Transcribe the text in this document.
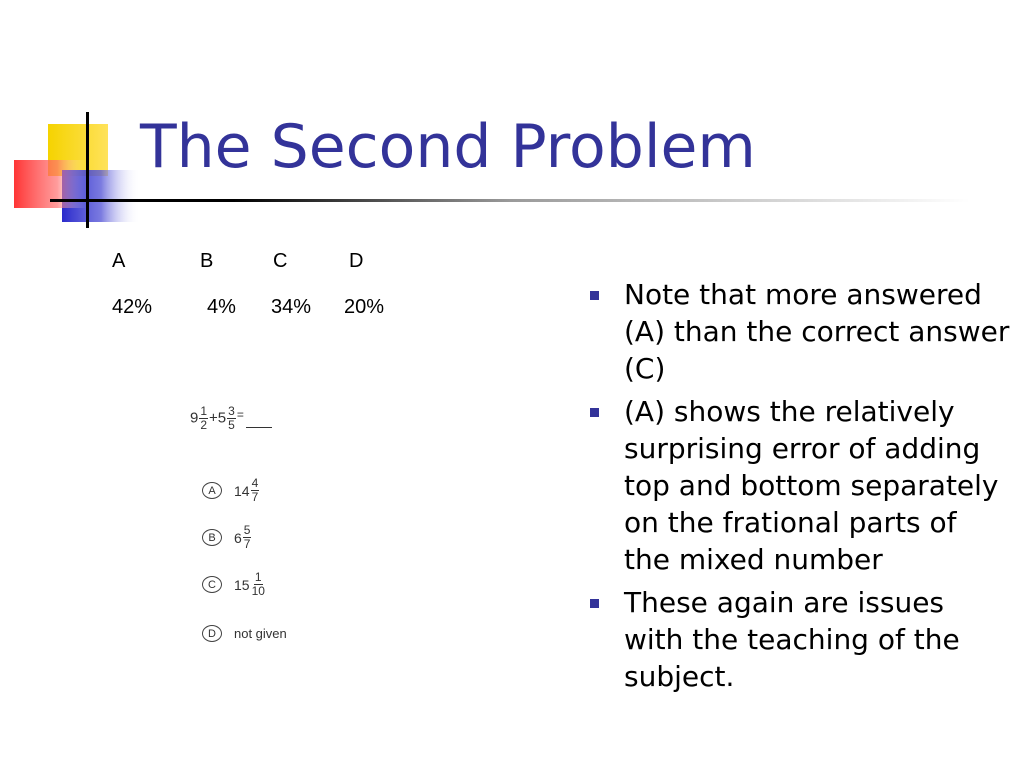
The Second Problem
A	B	C	D
42%	4% 34% 20%
$9 \frac{1}{2} +5 \frac{3}{5} ^=$
A	$14 \frac{4}{7}$
B	$6 \frac{5}{7}$
C	$15 \frac{1}{10}$
D	not given
Note that more answered (A) than the correct answer (C)
(A) shows the relatively surprising error of adding top and bottom separately on the frational parts of the mixed number
These again are issues with the teaching of the subject.
